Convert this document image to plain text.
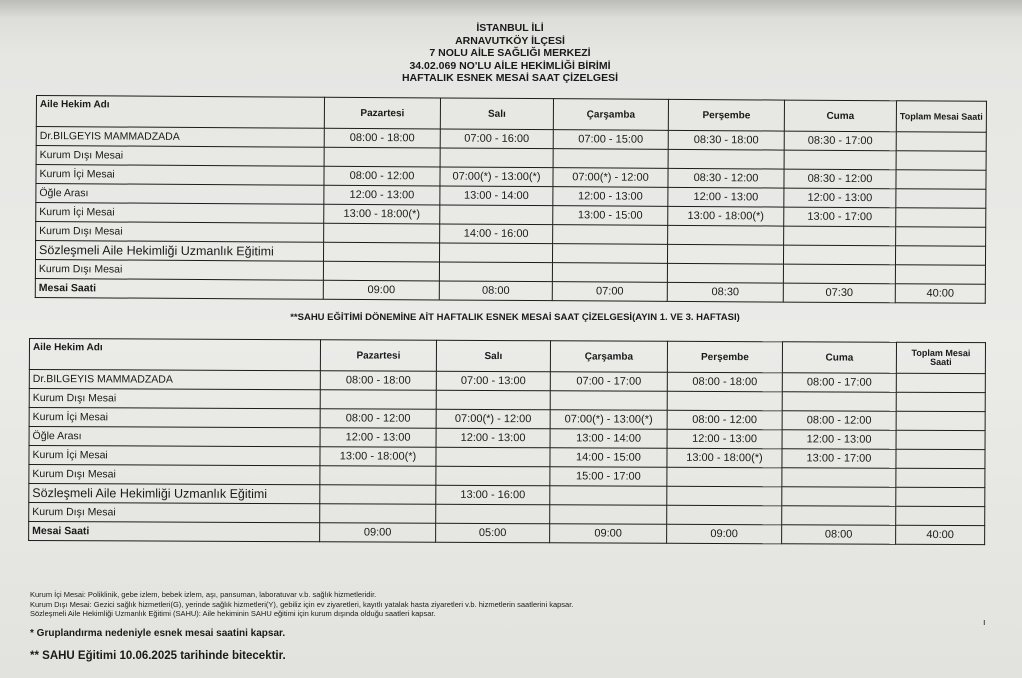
İSTANBUL İLİ
ARNAVUTKÖY İLÇESİ
7 NOLU AİLE SAĞLIĞI MERKEZİ
34.02.069 NO'LU AİLE HEKİMLİĞİ BİRİMİ
HAFTALIK ESNEK MESAİ SAAT ÇİZELGESİ
Aile Hekim Adı	Pazartesi	Salı	Çarşamba	Perşembe	Cuma	Toplam Mesai Saati
Dr.BILGEYIS MAMMADZADA	08:00 - 18:00	07:00 - 16:00	07:00 - 15:00	08:30 - 18:00	08:30 - 17:00	
Kurum Dışı Mesai						
Kurum İçi Mesai	08:00 - 12:00	07:00(*) - 13:00(*)	07:00(*) - 12:00	08:30 - 12:00	08:30 - 12:00	
Öğle Arası	12:00 - 13:00	13:00 - 14:00	12:00 - 13:00	12:00 - 13:00	12:00 - 13:00	
Kurum İçi Mesai	13:00 - 18:00(*)		13:00 - 15:00	13:00 - 18:00(*)	13:00 - 17:00	
Kurum Dışı Mesai		14:00 - 16:00				
Sözleşmeli Aile Hekimliği Uzmanlık Eğitimi						
Kurum Dışı Mesai						
Mesai Saati	09:00	08:00	07:00	08:30	07:30	40:00
**SAHU EĞİTİMİ DÖNEMİNE AİT HAFTALIK ESNEK MESAİ SAAT ÇİZELGESİ(AYIN 1. VE 3. HAFTASI)
Aile Hekim Adı	Pazartesi	Salı	Çarşamba	Perşembe	Cuma	Toplam Mesai Saati
Dr.BILGEYIS MAMMADZADA	08:00 - 18:00	07:00 - 13:00	07:00 - 17:00	08:00 - 18:00	08:00 - 17:00	
Kurum Dışı Mesai						
Kurum İçi Mesai	08:00 - 12:00	07:00(*) - 12:00	07:00(*) - 13:00(*)	08:00 - 12:00	08:00 - 12:00	
Öğle Arası	12:00 - 13:00	12:00 - 13:00	13:00 - 14:00	12:00 - 13:00	12:00 - 13:00	
Kurum İçi Mesai	13:00 - 18:00(*)		14:00 - 15:00	13:00 - 18:00(*)	13:00 - 17:00	
Kurum Dışı Mesai			15:00 - 17:00			
Sözleşmeli Aile Hekimliği Uzmanlık Eğitimi		13:00 - 16:00				
Kurum Dışı Mesai						
Mesai Saati	09:00	05:00	09:00	09:00	08:00	40:00
Kurum İçi Mesai: Poliklinik, gebe izlem, bebek izlem, aşı, pansuman, laboratuvar v.b. sağlık hizmetleridir.
Kurum Dışı Mesai: Gezici sağlık hizmetleri(G), yerinde sağlık hizmetleri(Y), gebiliz için ev ziyaretleri, kayıtlı yatalak hasta ziyaretleri v.b. hizmetlerin saatlerini kapsar.
Sözleşmeli Aile Hekimliği Uzmanlık Eğitimi (SAHU): Aile hekiminin SAHU eğitimi için kurum dışında olduğu saatleri kapsar.
* Gruplandırma nedeniyle esnek mesai saatini kapsar.
** SAHU Eğitimi 10.06.2025 tarihinde bitecektir.
ı
